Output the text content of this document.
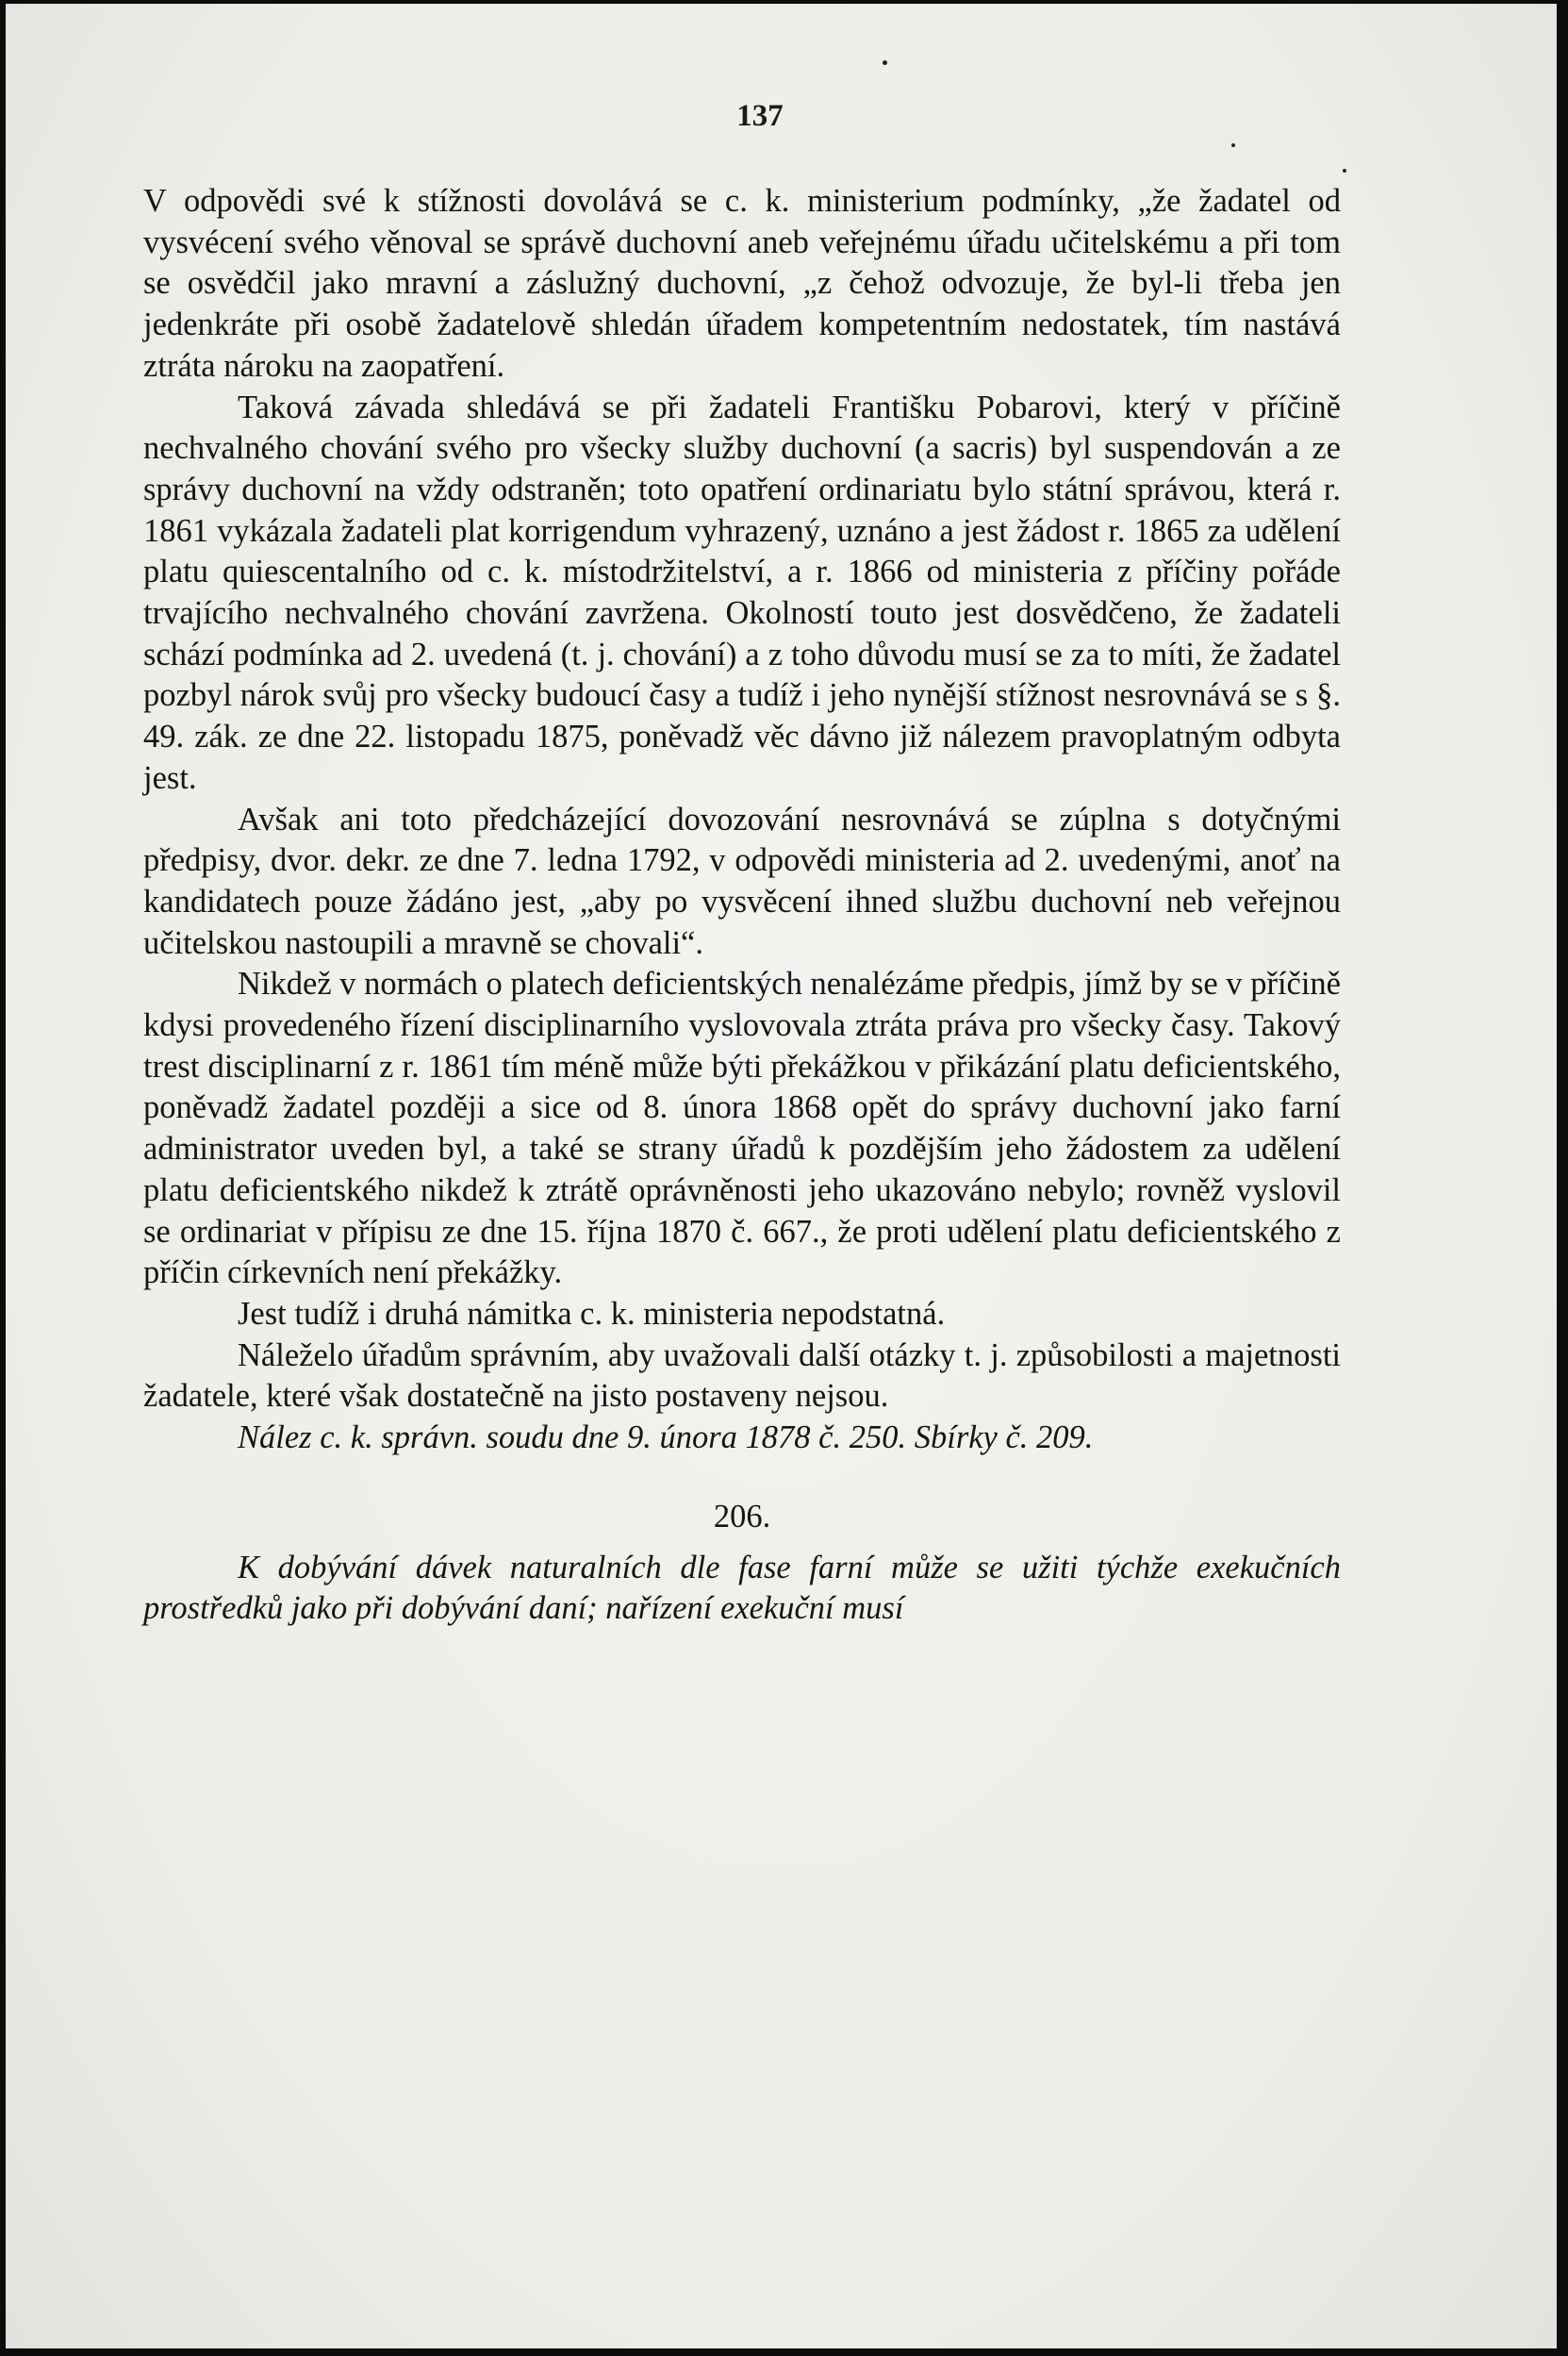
137

V odpovědi své k stížnosti dovolává se c. k. ministerium podmínky, „že žadatel od vysvécení svého věnoval se správě duchovní aneb veřejnému úřadu učitelskému a při tom se osvědčil jako mravní a záslužný duchovní, „z čehož odvozuje, že byl-li třeba jen jedenkráte při osobě žadatelově shledán úřadem kompetentním nedostatek, tím nastává ztráta nároku na zaopatření.

Taková závada shledává se při žadateli Františku Pobarovi, který v příčině nechvalného chování svého pro všecky služby duchovní (a sacris) byl suspendován a ze správy duchovní na vždy odstraněn; toto opatření ordinariatu bylo státní správou, která r. 1861 vykázala žadateli plat korrigendum vyhrazený, uznáno a jest žádost r. 1865 za udělení platu quiescentalního od c. k. místodržitelství, a r. 1866 od ministeria z příčiny pořáde trvajícího nechvalného chování zavržena. Okolností touto jest dosvědčeno, že žadateli schází podmínka ad 2. uvedená (t. j. chování) a z toho důvodu musí se za to míti, že žadatel pozbyl nárok svůj pro všecky budoucí časy a tudíž i jeho nynější stížnost nesrovnává se s §. 49. zák. ze dne 22. listopadu 1875, poněvadž věc dávno již nálezem pravoplatným odbyta jest.

Avšak ani toto předcházející dovozování nesrovnává se zúplna s dotyčnými předpisy, dvor. dekr. ze dne 7. ledna 1792, v odpovědi ministeria ad 2. uvedenými, anoť na kandidatech pouze žádáno jest, „aby po vysvěcení ihned službu duchovní neb veřejnou učitelskou nastoupili a mravně se chovali“.

Nikdež v normách o platech deficientských nenalézáme předpis, jímž by se v příčině kdysi provedeného řízení disciplinarního vyslovovala ztráta práva pro všecky časy. Takový trest disciplinarní z r. 1861 tím méně může býti překážkou v přikázání platu deficientského, poněvadž žadatel později a sice od 8. února 1868 opět do správy duchovní jako farní administrator uveden byl, a také se strany úřadů k pozdějším jeho žádostem za udělení platu deficientského nikdež k ztrátě oprávněnosti jeho ukazováno nebylo; rovněž vyslovil se ordinariat v přípisu ze dne 15. října 1870 č. 667., že proti udělení platu deficientského z příčin církevních není překážky.

Jest tudíž i druhá námitka c. k. ministeria nepodstatná.

Náleželo úřadům správním, aby uvažovali další otázky t. j. způsobilosti a majetnosti žadatele, které však dostatečně na jisto postaveny nejsou.

Nález c. k. správn. soudu dne 9. února 1878 č. 250. Sbírky č. 209.

206.

K dobývání dávek naturalních dle fase farní může se užiti týchže exekučních prostředků jako při dobývání daní; nařízení exekuční musí
